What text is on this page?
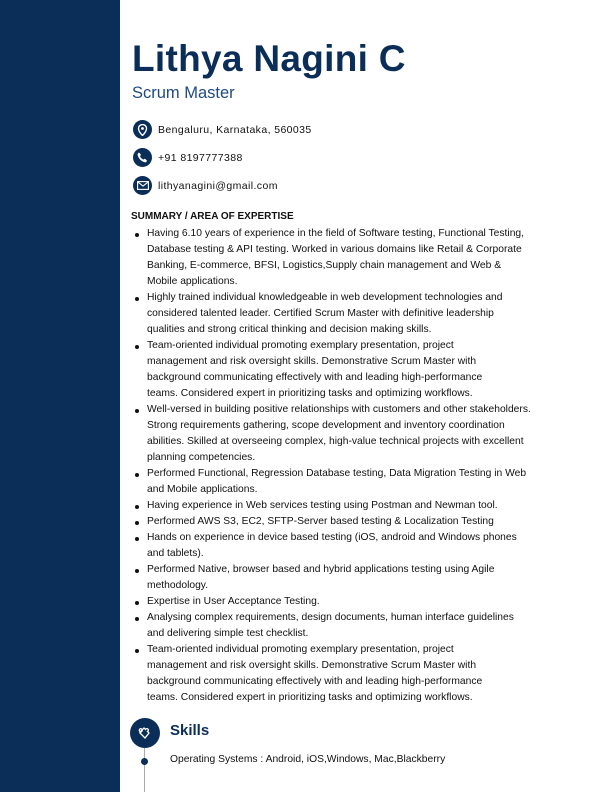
Lithya Nagini C
Scrum Master
Bengaluru, Karnataka, 560035
+91 8197777388
lithyanagini@gmail.com
SUMMARY / AREA OF EXPERTISE
Having 6.10 years of experience in the field of Software testing, Functional Testing,
Database testing & API testing. Worked in various domains like Retail & Corporate
Banking, E-commerce, BFSI, Logistics,Supply chain management and Web &
Mobile applications.
Highly trained individual knowledgeable in web development technologies and
considered talented leader. Certified Scrum Master with definitive leadership
qualities and strong critical thinking and decision making skills.
Team-oriented individual promoting exemplary presentation, project
management and risk oversight skills. Demonstrative Scrum Master with
background communicating effectively with and leading high-performance
teams. Considered expert in prioritizing tasks and optimizing workflows.
Well-versed in building positive relationships with customers and other stakeholders.
Strong requirements gathering, scope development and inventory coordination
abilities. Skilled at overseeing complex, high-value technical projects with excellent
planning competencies.
Performed Functional, Regression Database testing, Data Migration Testing in Web
and Mobile applications.
Having experience in Web services testing using Postman and Newman tool.
Performed AWS S3, EC2, SFTP-Server based testing & Localization Testing
Hands on experience in device based testing (iOS, android and Windows phones
and tablets).
Performed Native, browser based and hybrid applications testing using Agile
methodology.
Expertise in User Acceptance Testing.
Analysing complex requirements, design documents, human interface guidelines
and delivering simple test checklist.
Team-oriented individual promoting exemplary presentation, project
management and risk oversight skills. Demonstrative Scrum Master with
background communicating effectively with and leading high-performance
teams. Considered expert in prioritizing tasks and optimizing workflows.
Skills
Operating Systems : Android, iOS,Windows, Mac,Blackberry
